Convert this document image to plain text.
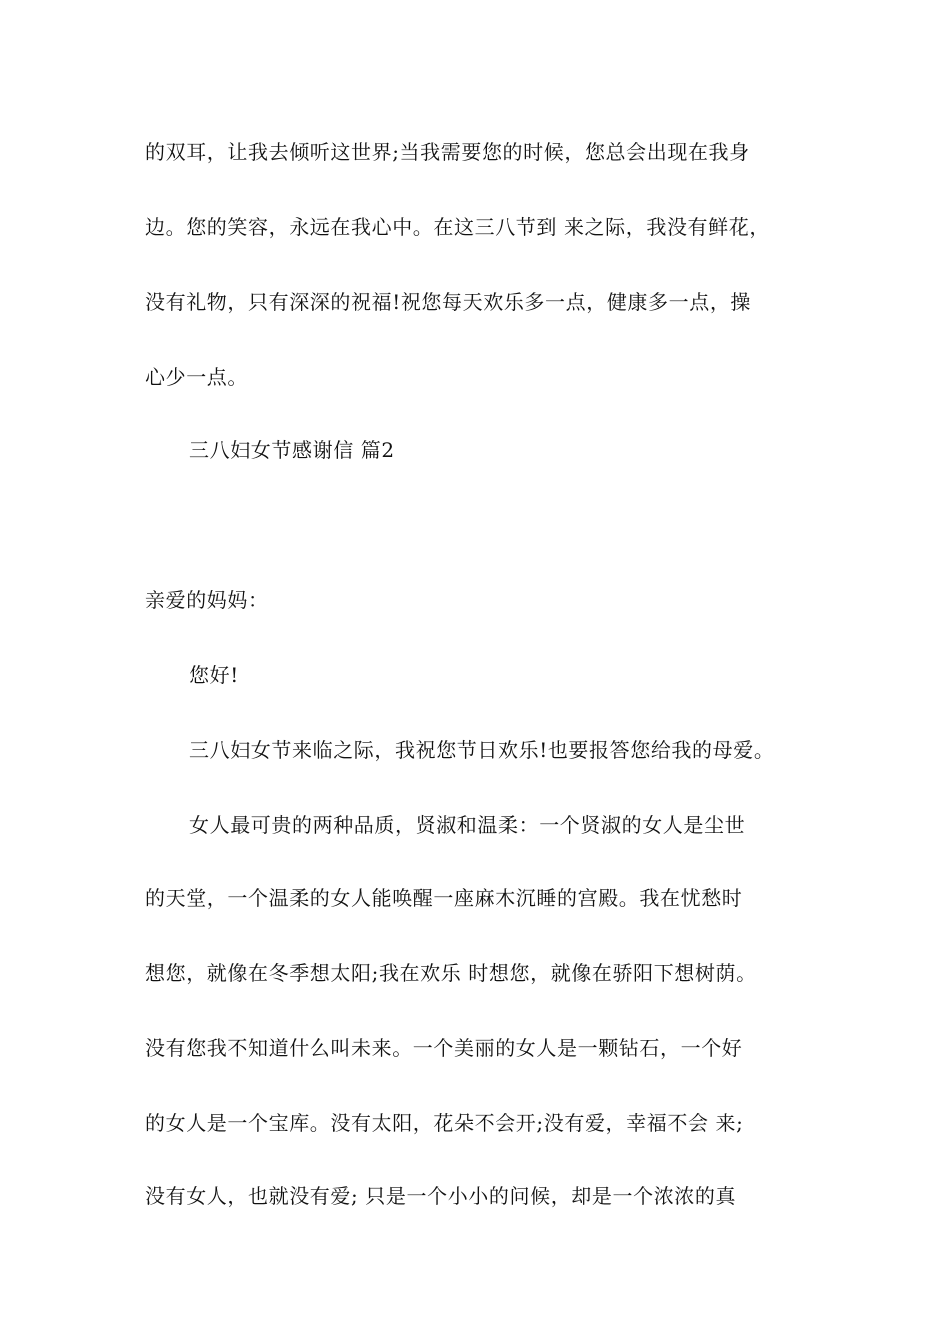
的双耳，让我去倾听这世界;当我需要您的时候，您总会出现在我身
边。您的笑容，永远在我心中。在这三八节到 来之际，我没有鲜花，
没有礼物，只有深深的祝福!祝您每天欢乐多一点，健康多一点，操
心少一点。
三八妇女节感谢信 篇2
亲爱的妈妈：
您好!
三八妇女节来临之际，我祝您节日欢乐!也要报答您给我的母爱。
女人最可贵的两种品质，贤淑和温柔：一个贤淑的女人是尘世
的天堂，一个温柔的女人能唤醒一座麻木沉睡的宫殿。我在忧愁时
想您，就像在冬季想太阳;我在欢乐 时想您，就像在骄阳下想树荫。
没有您我不知道什么叫未来。一个美丽的女人是一颗钻石，一个好
的女人是一个宝库。没有太阳，花朵不会开;没有爱，幸福不会 来;
没有女人，也就没有爱; 只是一个小小的问候，却是一个浓浓的真
